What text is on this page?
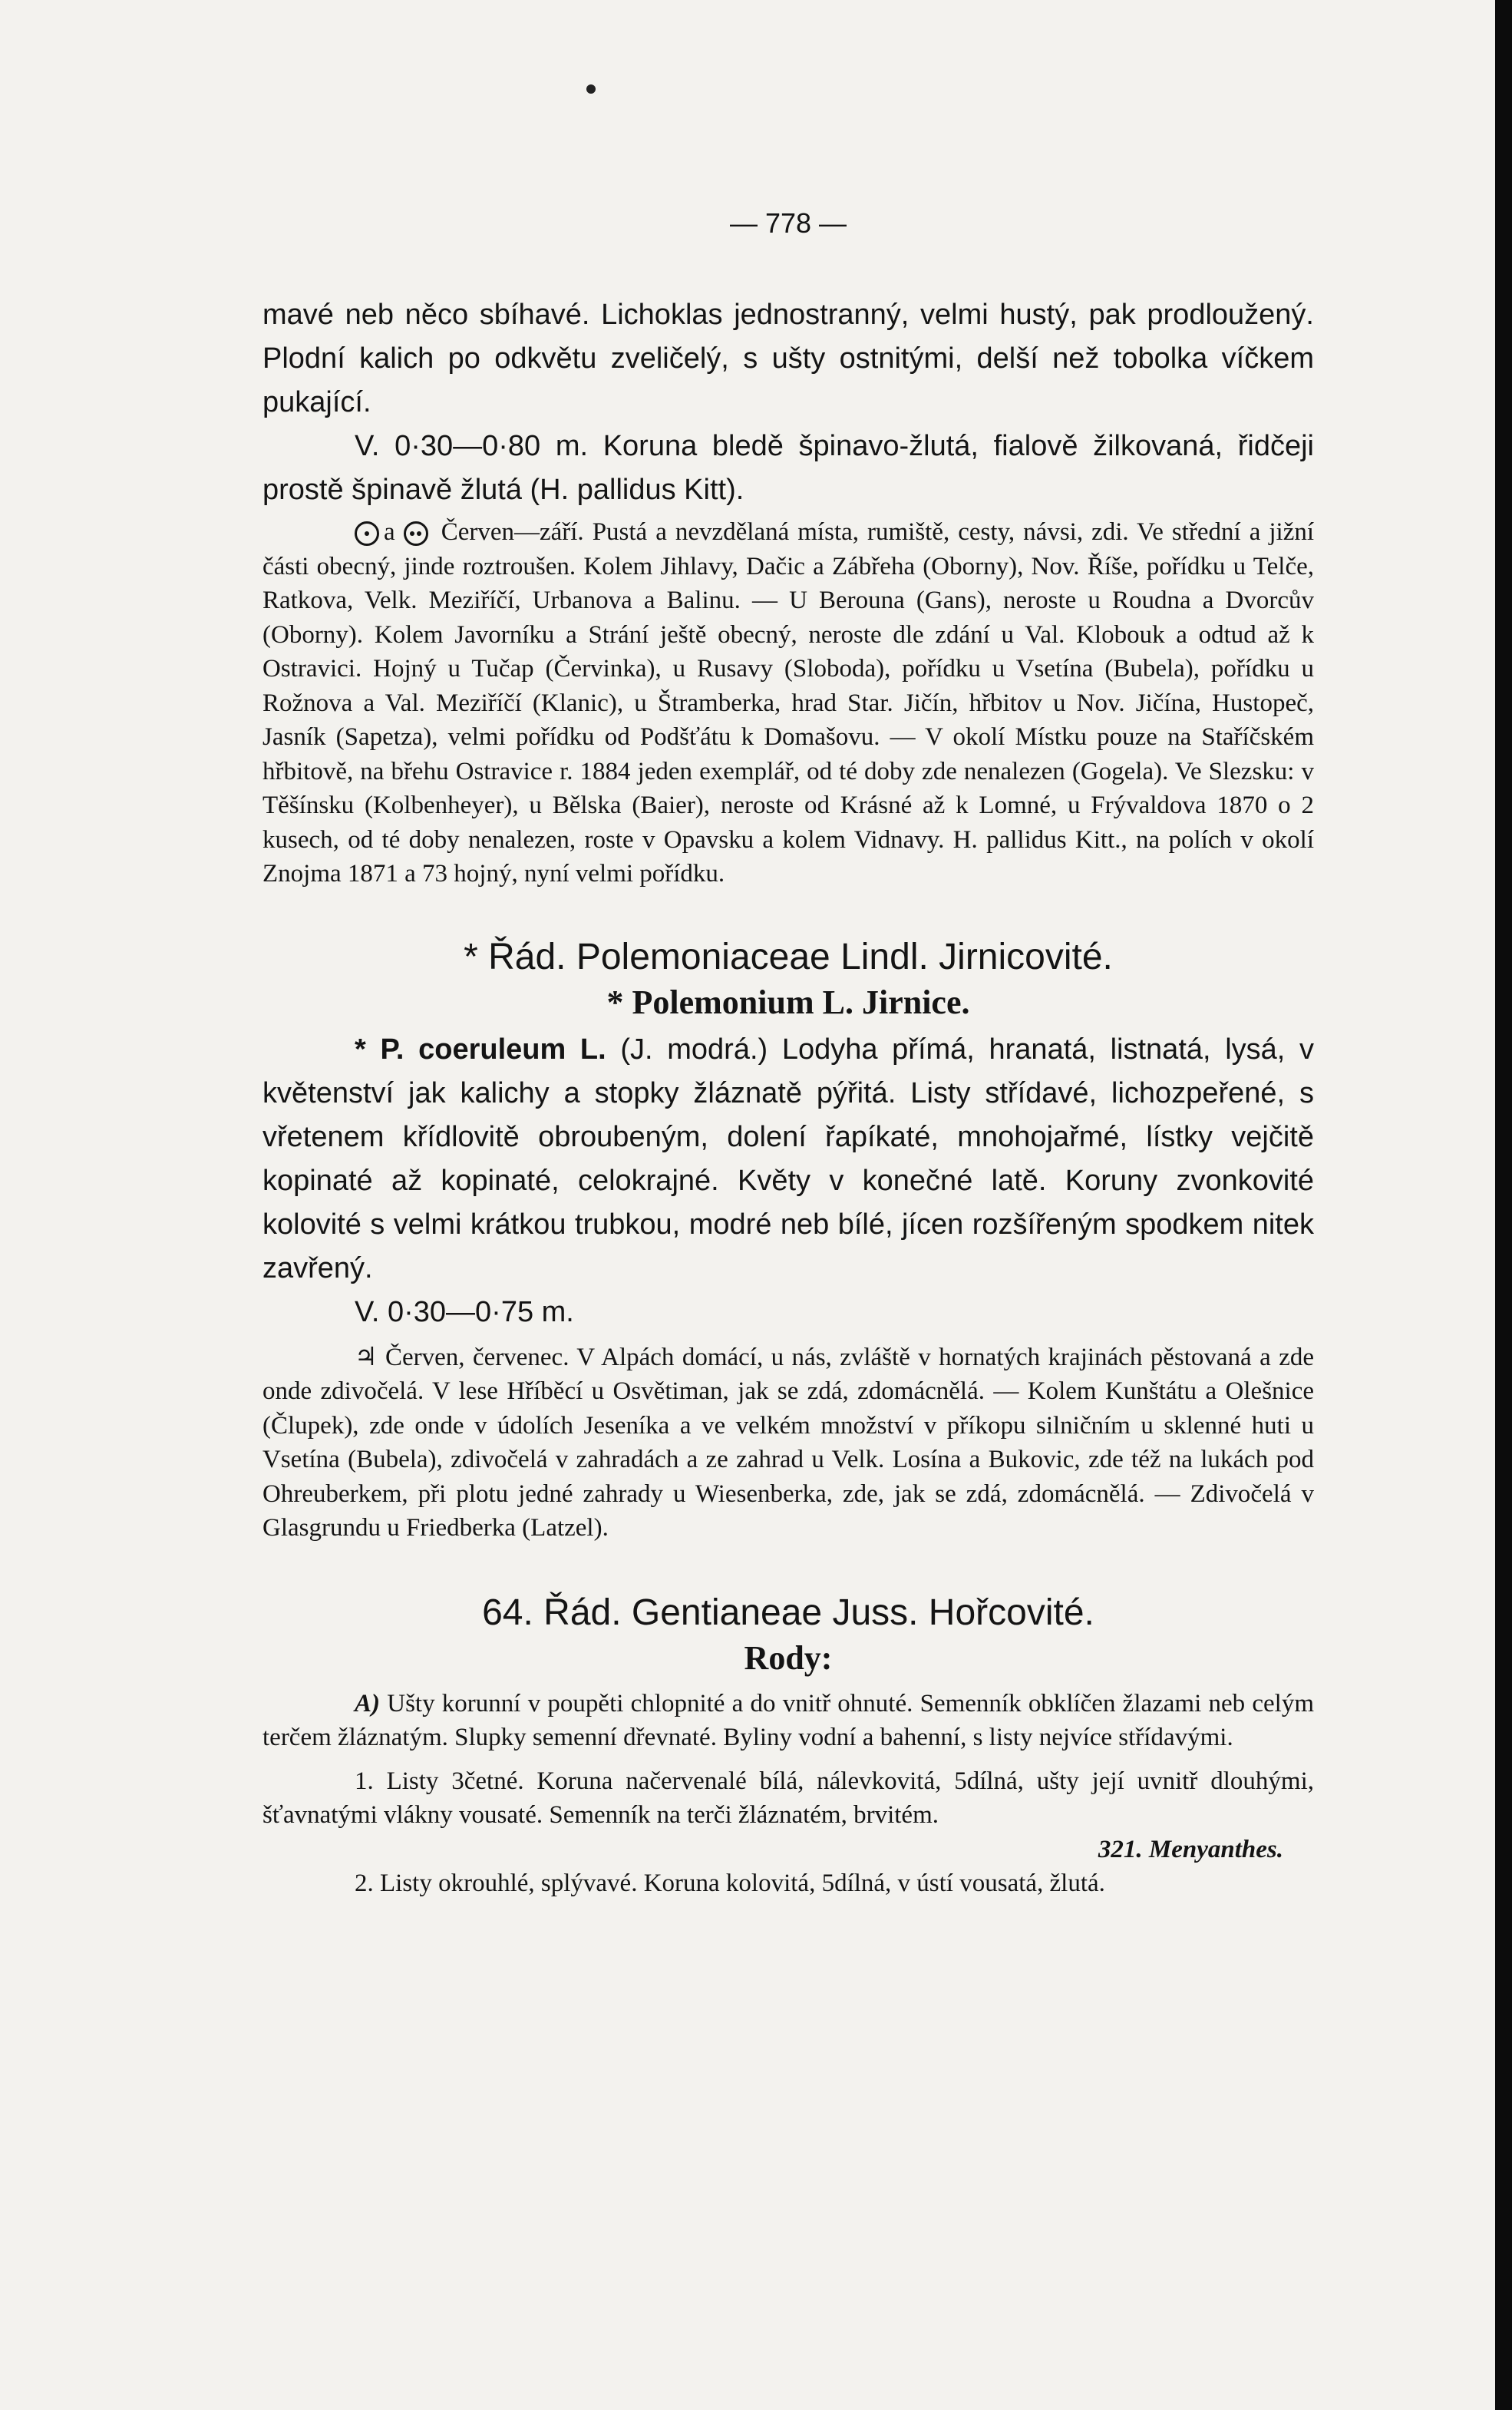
— 778 —

mavé neb něco sbíhavé. Lichoklas jednostranný, velmi hustý, pak prodloužený. Plodní kalich po odkvětu zveličelý, s ušty ostnitými, delší než tobolka víčkem pukající.

V. 0·30—0·80 m. Koruna bledě špinavo-žlutá, fialově žilkovaná, řidčeji prostě špinavě žlutá (H. pallidus Kitt).

a Červen—září. Pustá a nevzdělaná místa, rumiště, cesty, návsi, zdi. Ve střední a jižní části obecný, jinde roztroušen. Kolem Jihlavy, Dačic a Zábřeha (Oborny), Nov. Říše, pořídku u Telče, Ratkova, Velk. Meziříčí, Urbanova a Balinu. — U Berouna (Gans), neroste u Roudna a Dvorcův (Oborny). Kolem Javorníku a Strání ještě obecný, neroste dle zdání u Val. Klobouk a odtud až k Ostravici. Hojný u Tučap (Červinka), u Rusavy (Sloboda), pořídku u Vsetína (Bubela), pořídku u Rožnova a Val. Meziříčí (Klanic), u Štramberka, hrad Star. Jičín, hřbitov u Nov. Jičína, Hustopeč, Jasník (Sapetza), velmi pořídku od Podšťátu k Domašovu. — V okolí Místku pouze na Staříčském hřbitově, na břehu Ostravice r. 1884 jeden exemplář, od té doby zde nenalezen (Gogela). Ve Slezsku: v Těšínsku (Kolbenheyer), u Bělska (Baier), neroste od Krásné až k Lomné, u Frývaldova 1870 o 2 kusech, od té doby nenalezen, roste v Opavsku a kolem Vidnavy. H. pallidus Kitt., na polích v okolí Znojma 1871 a 73 hojný, nyní velmi pořídku.

* Řád. Polemoniaceae Lindl. Jirnicovité.
* Polemonium L. Jirnice.

* P. coeruleum L. (J. modrá.) Lodyha přímá, hranatá, listnatá, lysá, v květenství jak kalichy a stopky žláznatě pýřitá. Listy střídavé, lichozpeřené, s vřetenem křídlovitě obroubeným, dolení řapíkaté, mnohojařmé, lístky vejčitě kopinaté až kopinaté, celokrajné. Květy v konečné latě. Koruny zvonkovité kolovité s velmi krátkou trubkou, modré neb bílé, jícen rozšířeným spodkem nitek zavřený.

V. 0·30—0·75 m.

♃ Červen, červenec. V Alpách domácí, u nás, zvláště v hornatých krajinách pěstovaná a zde onde zdivočelá. V lese Hříběcí u Osvětiman, jak se zdá, zdomácnělá. — Kolem Kunštátu a Olešnice (Člupek), zde onde v údolích Jeseníka a ve velkém množství v příkopu silničním u sklenné huti u Vsetína (Bubela), zdivočelá v zahradách a ze zahrad u Velk. Losína a Bukovic, zde též na lukách pod Ohreuberkem, při plotu jedné zahrady u Wiesenberka, zde, jak se zdá, zdomácnělá. — Zdivočelá v Glasgrundu u Friedberka (Latzel).

64. Řád. Gentianeae Juss. Hořcovité.
Rody:

A) Ušty korunní v poupěti chlopnité a do vnitř ohnuté. Semenník obklíčen žlazami neb celým terčem žláznatým. Slupky semenní dřevnaté. Byliny vodní a bahenní, s listy nejvíce střídavými.

1. Listy 3četné. Koruna načervenalé bílá, nálevkovitá, 5dílná, ušty její uvnitř dlouhými, šťavnatými vlákny vousaté. Semenník na terči žláznatém, brvitém.

321. Menyanthes.

2. Listy okrouhlé, splývavé. Koruna kolovitá, 5dílná, v ústí vousatá, žlutá.
